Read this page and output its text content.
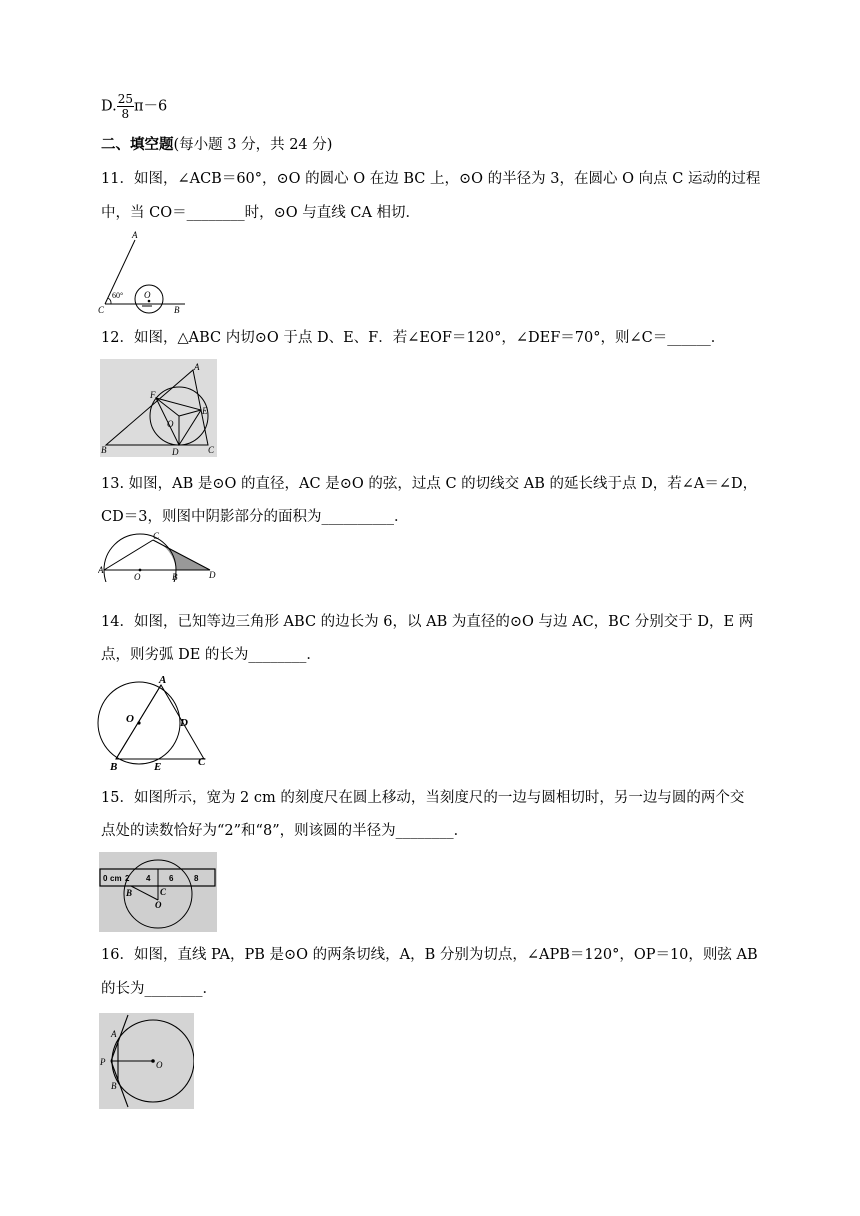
D. $\frac{25}{8} \pi-6$
二、填空题(每小题 3 分，共 24 分)
11．如图，∠ACB＝60°，⊙O 的圆心 O 在边 BC 上，⊙O 的半径为 3，在圆心 O 向点 C 运动的过程
中，当 CO＝________时，⊙O 与直线 CA 相切．
A
C	B
O
60°
12．如图，△ABC 内切⊙O 于点 D、E、F．若∠EOF＝120°，∠DEF＝70°，则∠C＝______．
A
B	C
D
E
F
O
13. 如图，AB 是⊙O 的直径，AC 是⊙O 的弦，过点 C 的切线交 AB 的延长线于点 D，若∠A＝∠D，
CD＝3，则图中阴影部分的面积为__________．
A
O	B
C
D
14．如图，已知等边三角形 ABC 的边长为 6，以 AB 为直径的⊙O 与边 AC，BC 分别交于 D，E 两
点，则劣弧 DE 的长为________．
A
O	D
B	E	C
15．如图所示，宽为 2 cm 的刻度尺在圆上移动，当刻度尺的一边与圆相切时，另一边与圆的两个交
点处的读数恰好为“2”和“8”，则该圆的半径为________．
0 cm 2 4 6	8
B	C
O
16．如图，直线 PA，PB 是⊙O 的两条切线，A，B 分别为切点，∠APB＝120°，OP＝10，则弦 AB
的长为________．
A
P
B
O
